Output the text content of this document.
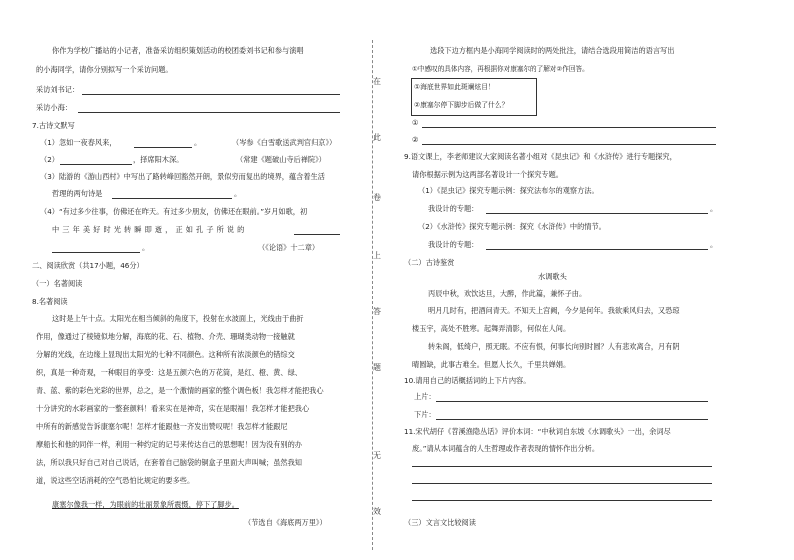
你作为学校广播站的小记者，准备采访组织策划活动的校团委刘书记和参与演唱
的小海同学，请你分别拟写一个采访问题。
采访刘书记：
采访小海：
7.古诗文默写
（1）忽如一夜春风来，	。	（岑参《白雪歌送武判官归京》）
（2）	，择席阳木深。	（常建《题破山寺后禅院》）
（3）陆游的《游山西村》中写出了路转峰回豁然开朗，景似穷而复出的境界，蕴含着生活
哲理的两句诗是	。
（4）“有过多少往事，仿佛还在昨天。有过多少朋友，仿佛还在眼前。”岁月如歌，初
中三年美好时光转瞬即逝，正如孔子所说的
。	（《论语》十二章）
二、阅读欣赏（共17小题，46分）
（一）名著阅读
8.名著阅读
这时是上午十点。太阳光在相当倾斜的角度下，投射在水波面上，光线由于曲折
作用，像通过了棱镜似地分解，海底的花、石、植物、介壳、珊瑚类动物一接触就
分解的光线，在边缘上显现出太阳光的七种不同颜色。这种所有浓淡颜色的错综交
织，真是一种奇观，一种眼目的享受：这是五颜六色的万花筒，是红、橙、黄、绿、
青、蓝、紫的彩色光彩的世界，总之，是一个激情的画家的整个调色板！我怎样才能把我心
十分讲究的水彩画家的一整套颜料！看来实在是神奇，实在是眼福！我怎样才能把我心
中所有的新感觉告诉康塞尔呢！怎样才能跟他一齐发出赞叹呢！我怎样才能跟尼
摩船长和他的同伴一样，利用一种约定的记号来传达自己的思想呢！因为没有别的办
法，所以我只好自己对自己说话，在套着自己脑袋的铜盒子里面大声叫喊；虽然我知
道，说这些空话消耗的空气恐怕比规定的要多些。
康塞尔像我一样，为眼前的壮丽景象所震慑，停下了脚步。
（节选自《海底两万里》）
在
此
卷
上
答
题
无
效
选段下边方框内是小海同学阅读时的两处批注，请结合选段用简洁的语言写出
①中感叹的具体内容，再根据你对康塞尔的了解对②作回答。
①海底世界如此斑斓炫目！
②康塞尔停下脚步后做了什么？
①
②
9.语文课上，李老师建议大家阅读名著小组对《昆虫记》和《水浒传》进行专题探究，
请你根据示例为这两部名著设计一个探究专题。
（1）《昆虫记》探究专题示例：探究法布尔的观察方法。
我设计的专题：	。
（2）《水浒传》探究专题示例：探究《水浒传》中的情节。
我设计的专题：	。
（二）古诗鉴赏
水调歌头
丙辰中秋，欢饮达旦，大醉，作此篇，兼怀子由。
明月几时有，把酒问青天。不知天上宫阙，今夕是何年。我欲乘风归去，又恐琼
楼玉宇，高处不胜寒。起舞弄清影，何似在人间。
转朱阁，低绮户，照无眠。不应有恨，何事长向别时圆？人有悲欢离合，月有阴
晴圆缺，此事古难全。但愿人长久，千里共婵娟。
10.请用自己的话概括词的上下片内容。
上片：
下片：
11.宋代胡仔《苕溪渔隐丛话》评价本词：“中秋词自东坡《水调歌头》一出，余词尽
废。”请从本词蕴含的人生哲理或作者表现的情怀作出分析。
（三）文言文比较阅读
